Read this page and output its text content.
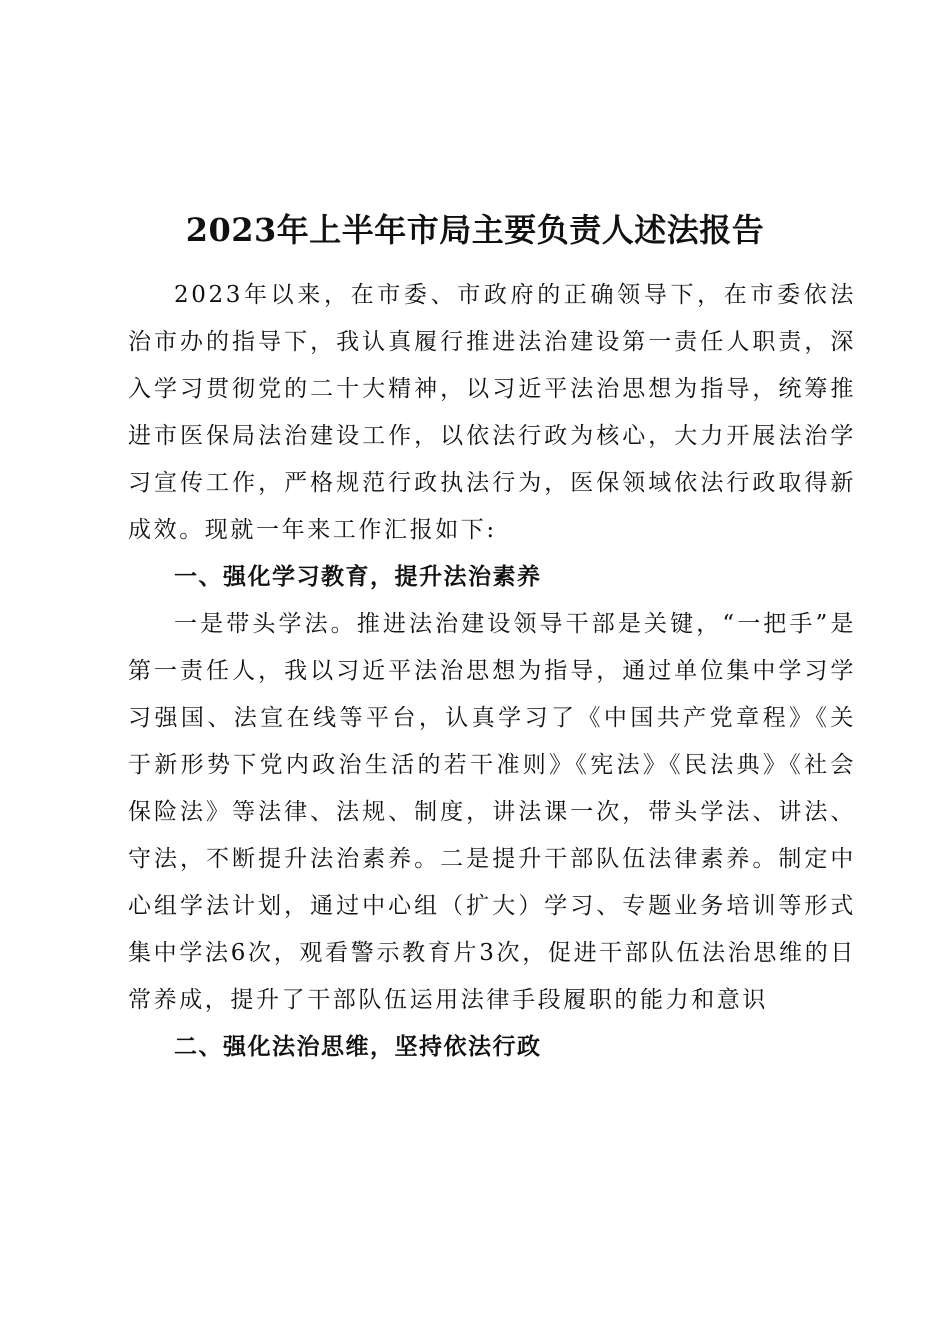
2023年上半年市局主要负责人述法报告

2023年以来，在市委、市政府的正确领导下，在市委依法治市办的指导下，我认真履行推进法治建设第一责任人职责，深入学习贯彻党的二十大精神，以习近平法治思想为指导，统筹推进市医保局法治建设工作，以依法行政为核心，大力开展法治学习宣传工作，严格规范行政执法行为，医保领域依法行政取得新成效。现就一年来工作汇报如下:

一、强化学习教育，提升法治素养

一是带头学法。推进法治建设领导干部是关键，“一把手”是第一责任人，我以习近平法治思想为指导，通过单位集中学习学习强国、法宣在线等平台，认真学习了《中国共产党章程》《关于新形势下党内政治生活的若干准则》《宪法》《民法典》《社会保险法》等法律、法规、制度，讲法课一次，带头学法、讲法、守法，不断提升法治素养。二是提升干部队伍法律素养。制定中心组学法计划，通过中心组（扩大）学习、专题业务培训等形式集中学法6次，观看警示教育片3次，促进干部队伍法治思维的日常养成，提升了干部队伍运用法律手段履职的能力和意识

二、强化法治思维，坚持依法行政
